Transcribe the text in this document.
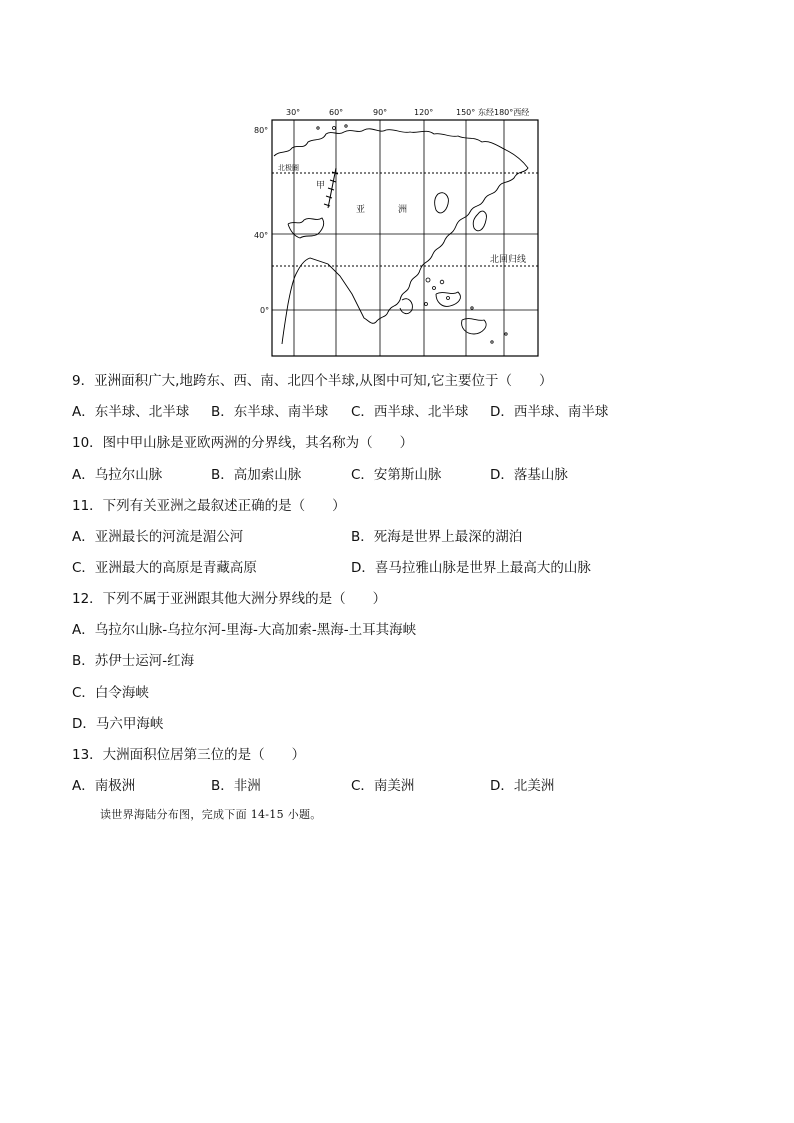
30°	60°	90°	120°	150° 东经180°西经
80°
40°
0°
北极圈
甲
亚	洲
北回归线
9．亚洲面积广大,地跨东、西、南、北四个半球,从图中可知,它主要位于（　　）
A．东半球、北半球 B．东半球、南半球 C．西半球、北半球 D．西半球、南半球
10．图中甲山脉是亚欧两洲的分界线，其名称为（　　）
A．乌拉尔山脉	B．高加索山脉	C．安第斯山脉	D．落基山脉
11．下列有关亚洲之最叙述正确的是（　　）
A．亚洲最长的河流是湄公河	B．死海是世界上最深的湖泊
C．亚洲最大的高原是青藏高原	D．喜马拉雅山脉是世界上最高大的山脉
12．下列不属于亚洲跟其他大洲分界线的是（　　）
A．乌拉尔山脉-乌拉尔河-里海-大高加索-黑海-土耳其海峡
B．苏伊士运河-红海
C．白令海峡
D．马六甲海峡
13．大洲面积位居第三位的是（　　）
A．南极洲	B．非洲	C．南美洲	D．北美洲
读世界海陆分布图，完成下面 14-15 小题。
